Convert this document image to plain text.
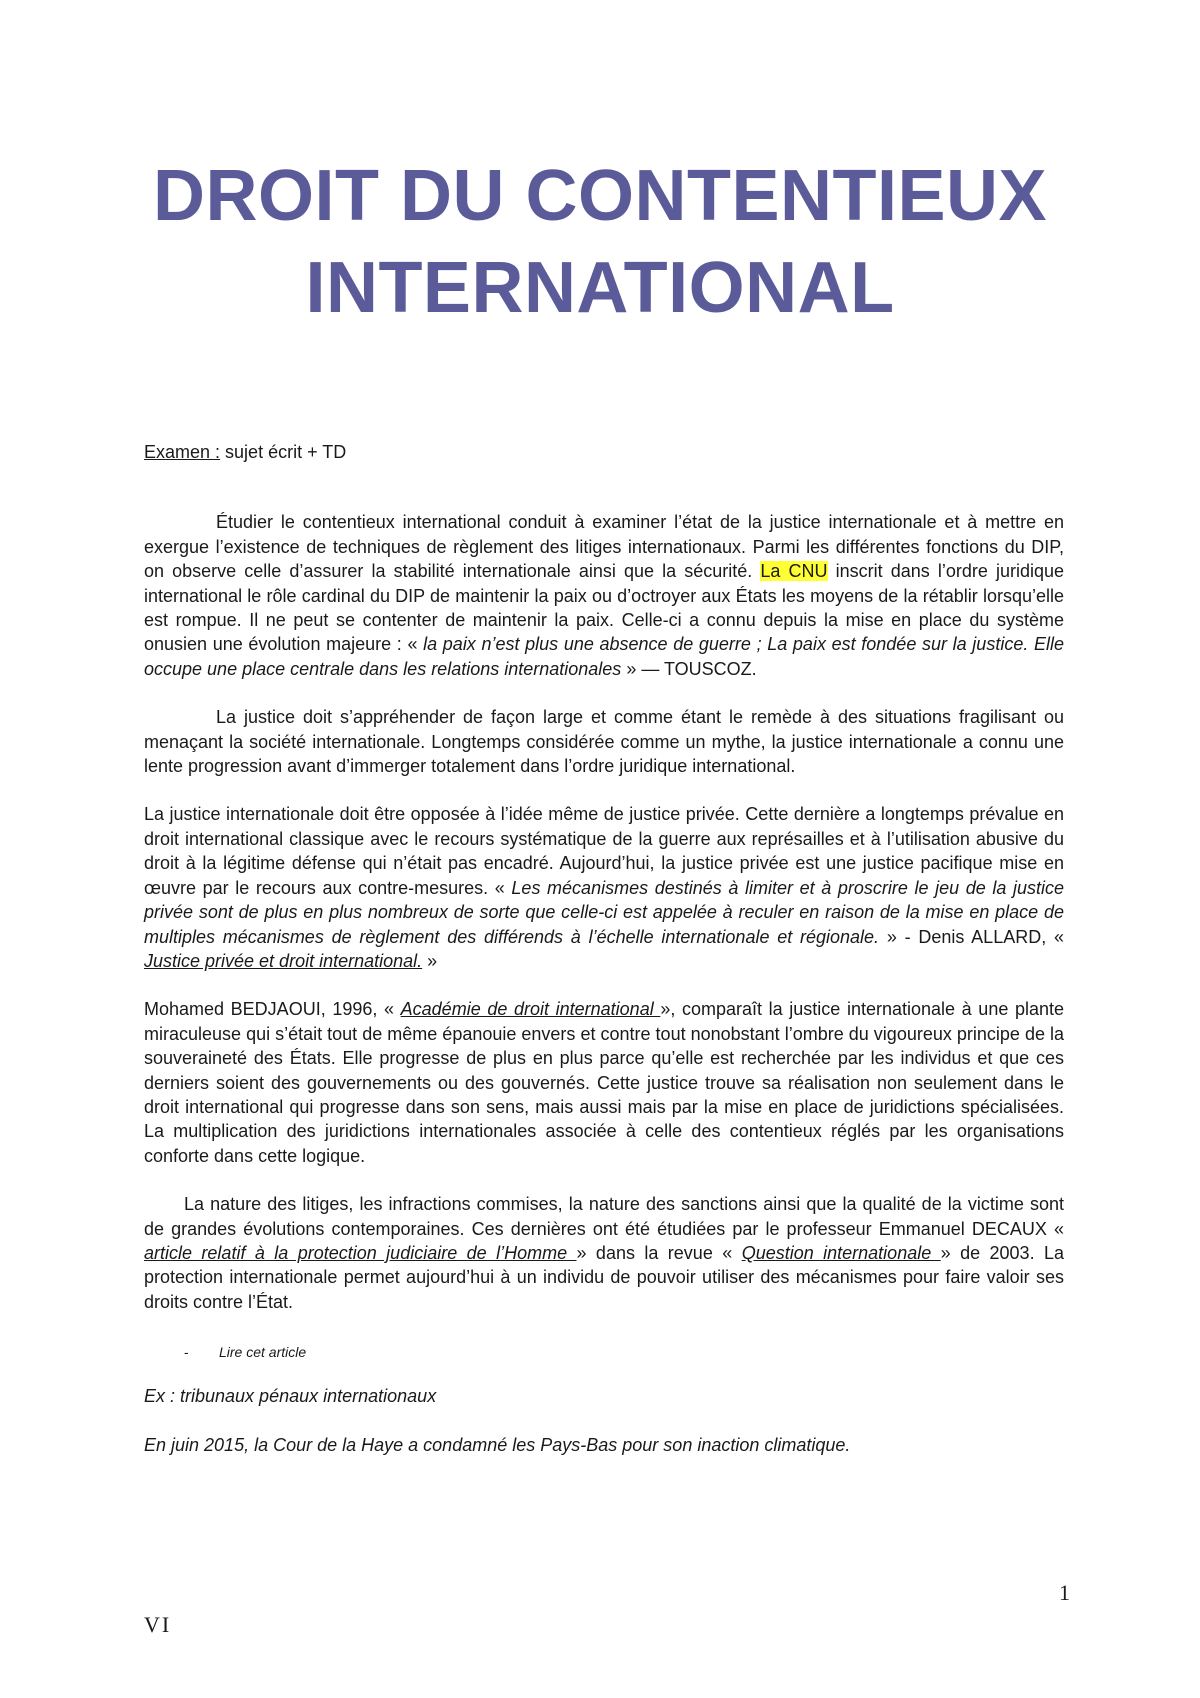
DROIT DU CONTENTIEUX
INTERNATIONAL

Examen : sujet écrit + TD

Étudier le contentieux international conduit à examiner l’état de la justice internationale et à mettre en exergue l’existence de techniques de règlement des litiges internationaux. Parmi les différentes fonctions du DIP, on observe celle d’assurer la stabilité internationale ainsi que la sécurité. La CNU inscrit dans l’ordre juridique international le rôle cardinal du DIP de maintenir la paix ou d’octroyer aux États les moyens de la rétablir lorsqu’elle est rompue. Il ne peut se contenter de maintenir la paix. Celle-ci a connu depuis la mise en place du système onusien une évolution majeure : « la paix n’est plus une absence de guerre ; La paix est fondée sur la justice. Elle occupe une place centrale dans les relations internationales » — TOUSCOZ.

La justice doit s’appréhender de façon large et comme étant le remède à des situations fragilisant ou menaçant la société internationale. Longtemps considérée comme un mythe, la justice internationale a connu une lente progression avant d’immerger totalement dans l’ordre juridique international.

La justice internationale doit être opposée à l’idée même de justice privée. Cette dernière a longtemps prévalue en droit international classique avec le recours systématique de la guerre aux représailles et à l’utilisation abusive du droit à la légitime défense qui n’était pas encadré. Aujourd’hui, la justice privée est une justice pacifique mise en œuvre par le recours aux contre-mesures. « Les mécanismes destinés à limiter et à proscrire le jeu de la justice privée sont de plus en plus nombreux de sorte que celle-ci est appelée à reculer en raison de la mise en place de multiples mécanismes de règlement des différends à l’échelle internationale et régionale. » - Denis ALLARD, « Justice privée et droit international. »

Mohamed BEDJAOUI, 1996, « Académie de droit international », comparaît la justice internationale à une plante miraculeuse qui s’était tout de même épanouie envers et contre tout nonobstant l’ombre du vigoureux principe de la souveraineté des États. Elle progresse de plus en plus parce qu’elle est recherchée par les individus et que ces derniers soient des gouvernements ou des gouvernés. Cette justice trouve sa réalisation non seulement dans le droit international qui progresse dans son sens, mais aussi mais par la mise en place de juridictions spécialisées. La multiplication des juridictions internationales associée à celle des contentieux réglés par les organisations conforte dans cette logique.

La nature des litiges, les infractions commises, la nature des sanctions ainsi que la qualité de la victime sont de grandes évolutions contemporaines. Ces dernières ont été étudiées par le professeur Emmanuel DECAUX « article relatif à la protection judiciaire de l’Homme » dans la revue « Question internationale » de 2003. La protection internationale permet aujourd’hui à un individu de pouvoir utiliser des mécanismes pour faire valoir ses droits contre l’État.

-	Lire cet article

Ex : tribunaux pénaux internationaux

En juin 2015, la Cour de la Haye a condamné les Pays-Bas pour son inaction climatique.

1
VI
